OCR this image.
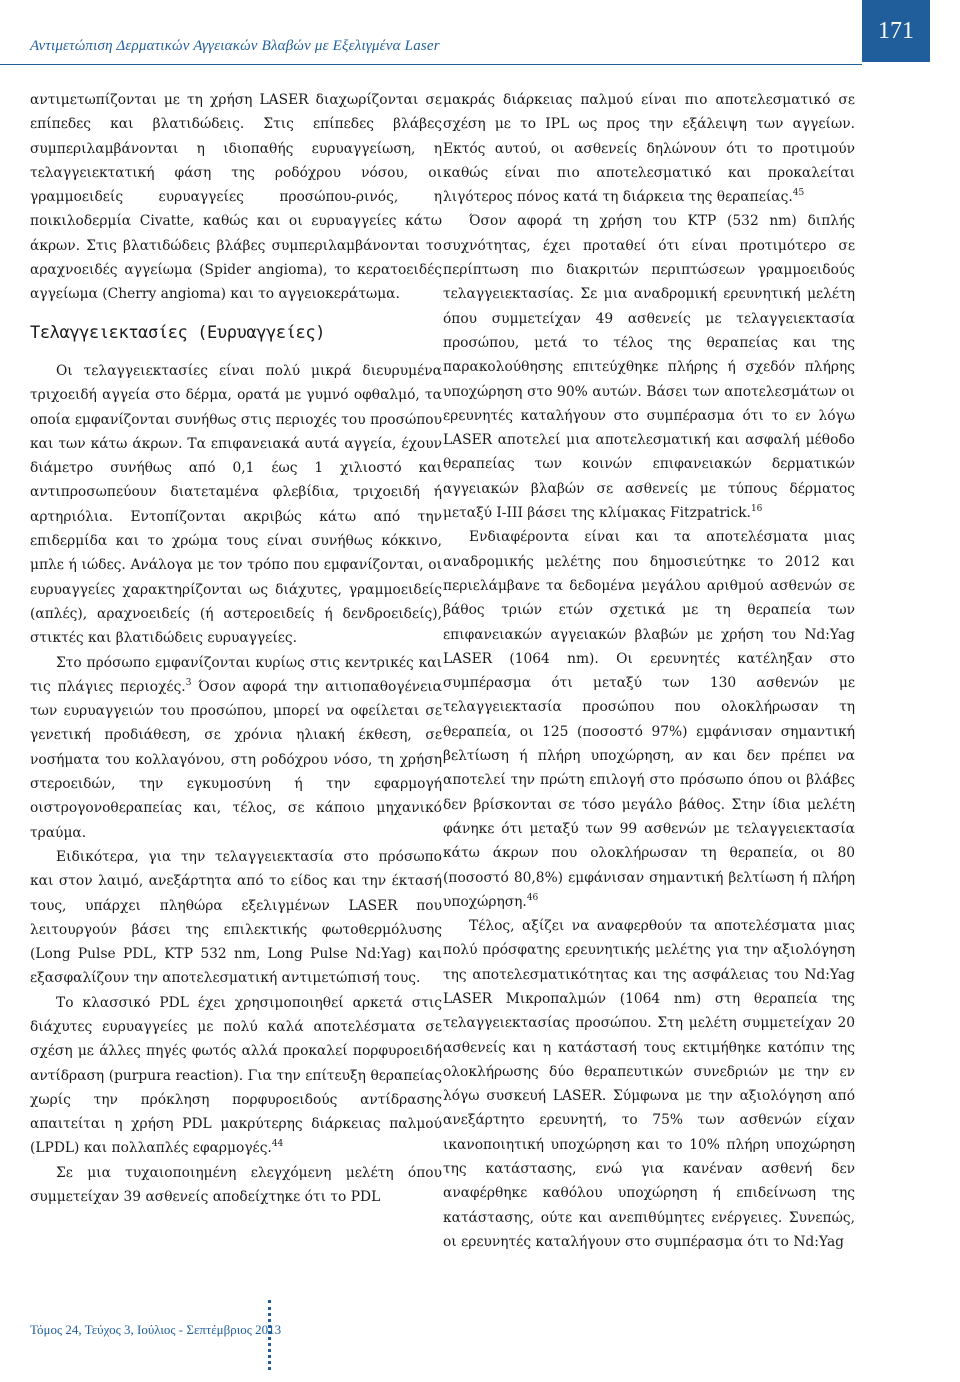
Αντιμετώπιση Δερματικών Αγγειακών Βλαβών με Εξελιγμένα Laser
171

αντιμετωπίζονται με τη χρήση LASER διαχωρίζονται σε επίπεδες και βλατιδώδεις. Στις επίπεδες βλάβες συμπεριλαμβάνονται η ιδιοπαθής ευρυαγγείωση, η τελαγγειεκτατική φάση της ροδόχρου νόσου, οι γραμμοειδείς ευρυαγγείες προσώπου-ρινός, η ποικιλοδερμία Civatte, καθώς και οι ευρυαγγείες κάτω άκρων. Στις βλατιδώδεις βλάβες συμπεριλαμβάνονται το αραχνοειδές αγγείωμα (Spider angioma), το κερατοειδές αγγείωμα (Cherry angioma) και το αγγειοκεράτωμα.

Τελαγγειεκτασίες (Ευρυαγγείες)

Οι τελαγγειεκτασίες είναι πολύ μικρά διευρυμένα τριχοειδή αγγεία στο δέρμα, ορατά με γυμνό οφθαλμό, τα οποία εμφανίζονται συνήθως στις περιοχές του προσώπου και των κάτω άκρων. Τα επιφανειακά αυτά αγγεία, έχουν διάμετρο συνήθως από 0,1 έως 1 χιλιοστό και αντιπροσωπεύουν διατεταμένα φλεβίδια, τριχοειδή ή αρτηριόλια. Εντοπίζονται ακριβώς κάτω από την επιδερμίδα και το χρώμα τους είναι συνήθως κόκκινο, μπλε ή ιώδες. Ανάλογα με τον τρόπο που εμφανίζονται, οι ευρυαγγείες χαρακτηρίζονται ως διάχυτες, γραμμοειδείς (απλές), αραχνοειδείς (ή αστεροειδείς ή δενδροειδείς), στικτές και βλατιδώδεις ευρυαγγείες.

Στο πρόσωπο εμφανίζονται κυρίως στις κεντρικές και τις πλάγιες περιοχές.$^3$ Όσον αφορά την αιτιοπαθογένεια των ευρυαγγειών του προσώπου, μπορεί να οφείλεται σε γενετική προδιάθεση, σε χρόνια ηλιακή έκθεση, σε νοσήματα του κολλαγόνου, στη ροδόχρου νόσο, τη χρήση στεροειδών, την εγκυμοσύνη ή την εφαρμογή οιστρογονοθεραπείας και, τέλος, σε κάποιο μηχανικό τραύμα.

Ειδικότερα, για την τελαγγειεκτασία στο πρόσωπο και στον λαιμό, ανεξάρτητα από το είδος και την έκτασή τους, υπάρχει πληθώρα εξελιγμένων LASER που λειτουργούν βάσει της επιλεκτικής φωτοθερμόλυσης (Long Pulse PDL, KTP 532 nm, Long Pulse Nd:Yag) και εξασφαλίζουν την αποτελεσματική αντιμετώπισή τους.

Το κλασσικό PDL έχει χρησιμοποιηθεί αρκετά στις διάχυτες ευρυαγγείες με πολύ καλά αποτελέσματα σε σχέση με άλλες πηγές φωτός αλλά προκαλεί πορφυροειδή αντίδραση (purpura reaction). Για την επίτευξη θεραπείας χωρίς την πρόκληση πορφυροειδούς αντίδρασης απαιτείται η χρήση PDL μακρύτερης διάρκειας παλμού (LPDL) και πολλαπλές εφαρμογές.$^{44}$

Σε μια τυχαιοποιημένη ελεγχόμενη μελέτη όπου συμμετείχαν 39 ασθενείς αποδείχτηκε ότι το PDL

μακράς διάρκειας παλμού είναι πιο αποτελεσματικό σε σχέση με το IPL ως προς την εξάλειψη των αγγείων. Εκτός αυτού, οι ασθενείς δηλώνουν ότι το προτιμούν καθώς είναι πιο αποτελεσματικό και προκαλείται λιγότερος πόνος κατά τη διάρκεια της θεραπείας.$^{45}$

Όσον αφορά τη χρήση του KTP (532 nm) διπλής συχνότητας, έχει προταθεί ότι είναι προτιμότερο σε περίπτωση πιο διακριτών περιπτώσεων γραμμοειδούς τελαγγειεκτασίας. Σε μια αναδρομική ερευνητική μελέτη όπου συμμετείχαν 49 ασθενείς με τελαγγειεκτασία προσώπου, μετά το τέλος της θεραπείας και της παρακολούθησης επιτεύχθηκε πλήρης ή σχεδόν πλήρης υποχώρηση στο 90% αυτών. Βάσει των αποτελεσμάτων οι ερευνητές καταλήγουν στο συμπέρασμα ότι το εν λόγω LASER αποτελεί μια αποτελεσματική και ασφαλή μέθοδο θεραπείας των κοινών επιφανειακών δερματικών αγγειακών βλαβών σε ασθενείς με τύπους δέρματος μεταξύ I-III βάσει της κλίμακας Fitzpatrick.$^{16}$

Ενδιαφέροντα είναι και τα αποτελέσματα μιας αναδρομικής μελέτης που δημοσιεύτηκε το 2012 και περιελάμβανε τα δεδομένα μεγάλου αριθμού ασθενών σε βάθος τριών ετών σχετικά με τη θεραπεία των επιφανειακών αγγειακών βλαβών με χρήση του Nd:Yag LASER (1064 nm). Οι ερευνητές κατέληξαν στο συμπέρασμα ότι μεταξύ των 130 ασθενών με τελαγγειεκτασία προσώπου που ολοκλήρωσαν τη θεραπεία, οι 125 (ποσοστό 97%) εμφάνισαν σημαντική βελτίωση ή πλήρη υποχώρηση, αν και δεν πρέπει να αποτελεί την πρώτη επιλογή στο πρόσωπο όπου οι βλάβες δεν βρίσκονται σε τόσο μεγάλο βάθος. Στην ίδια μελέτη φάνηκε ότι μεταξύ των 99 ασθενών με τελαγγειεκτασία κάτω άκρων που ολοκλήρωσαν τη θεραπεία, οι 80 (ποσοστό 80,8%) εμφάνισαν σημαντική βελτίωση ή πλήρη υποχώρηση.$^{46}$

Τέλος, αξίζει να αναφερθούν τα αποτελέσματα μιας πολύ πρόσφατης ερευνητικής μελέτης για την αξιολόγηση της αποτελεσματικότητας και της ασφάλειας του Nd:Yag LASER Μικροπαλμών (1064 nm) στη θεραπεία της τελαγγειεκτασίας προσώπου. Στη μελέτη συμμετείχαν 20 ασθενείς και η κατάστασή τους εκτιμήθηκε κατόπιν της ολοκλήρωσης δύο θεραπευτικών συνεδριών με την εν λόγω συσκευή LASER. Σύμφωνα με την αξιολόγηση από ανεξάρτητο ερευνητή, το 75% των ασθενών είχαν ικανοποιητική υποχώρηση και το 10% πλήρη υποχώρηση της κατάστασης, ενώ για κανέναν ασθενή δεν αναφέρθηκε καθόλου υποχώρηση ή επιδείνωση της κατάστασης, ούτε και ανεπιθύμητες ενέργειες. Συνεπώς, οι ερευνητές καταλήγουν στο συμπέρασμα ότι το Nd:Yag

Τόμος 24, Τεύχος 3, Ιούλιος - Σεπτέμβριος 2013
